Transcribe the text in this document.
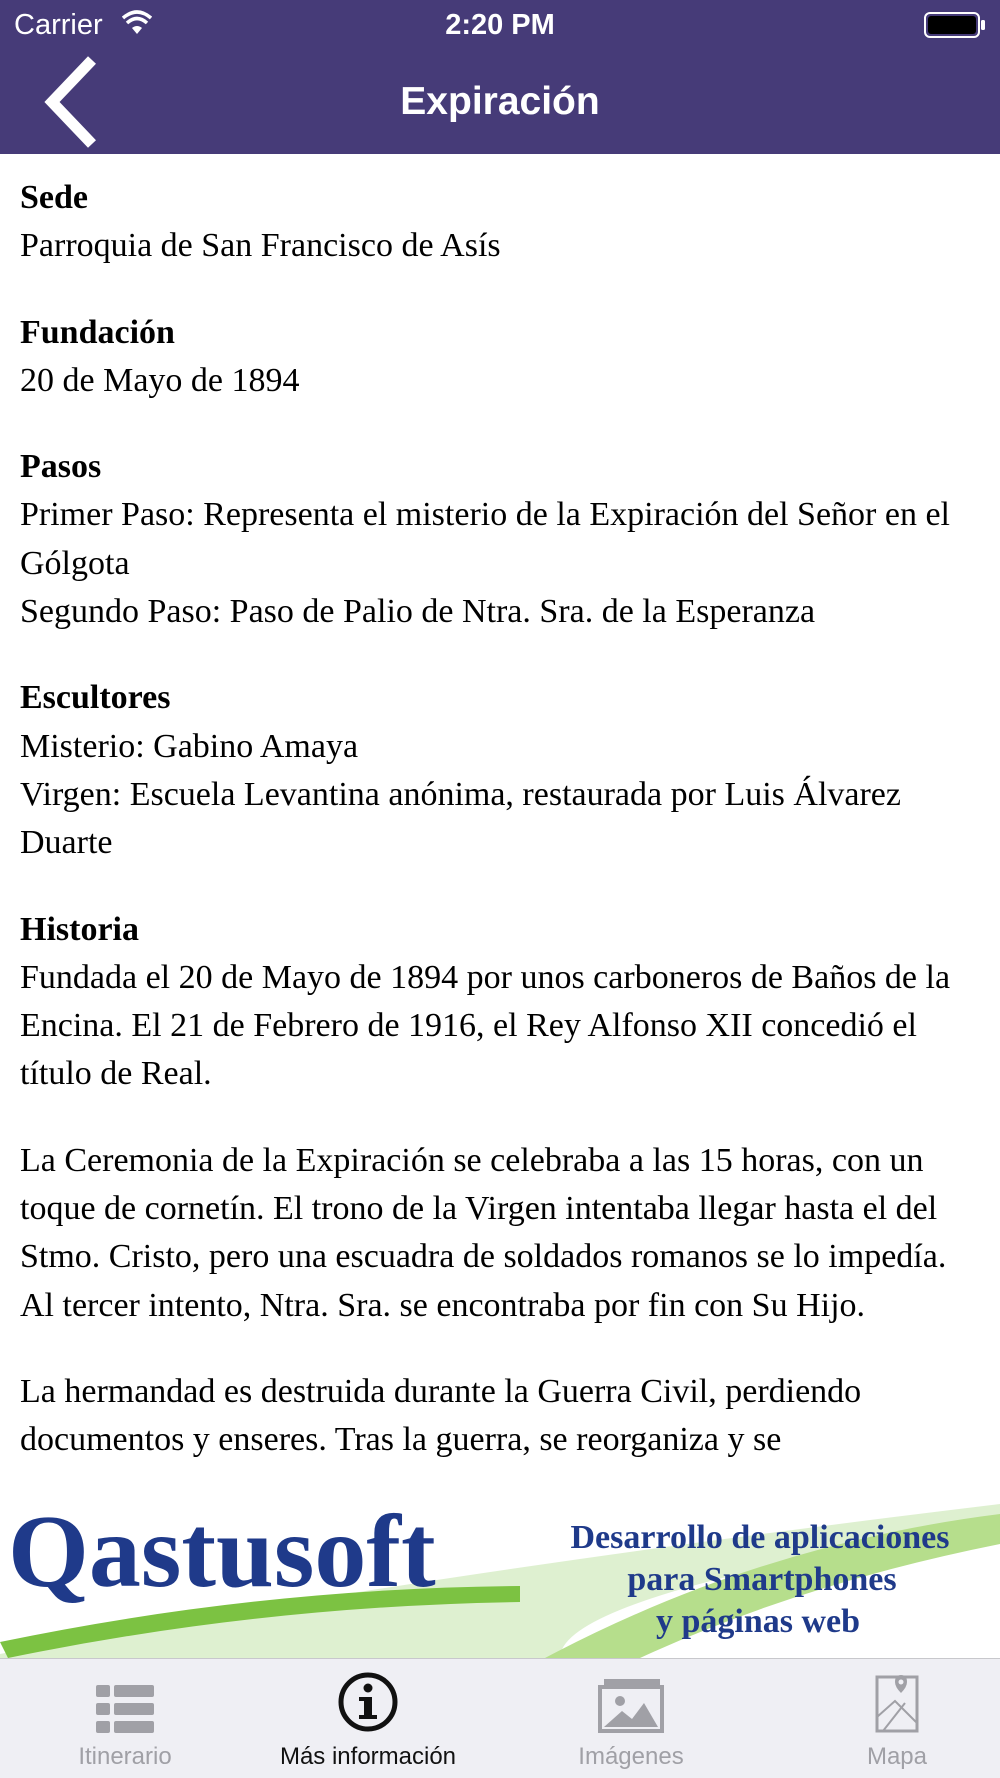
Carrier	2:20 PM
Expiración
Sede

Parroquia de San Francisco de Asís

Fundación

20 de Mayo de 1894

Pasos

Primer Paso: Representa el misterio de la Expiración del Señor en el Gólgota
Segundo Paso: Paso de Palio de Ntra. Sra. de la Esperanza

Escultores

Misterio: Gabino Amaya
Virgen: Escuela Levantina anónima, restaurada por Luis Álvarez Duarte

Historia

Fundada el 20 de Mayo de 1894 por unos carboneros de Baños de la Encina. El 21 de Febrero de 1916, el Rey Alfonso XII concedió el título de Real.

La Ceremonia de la Expiración se celebraba a las 15 horas, con un toque de cornetín. El trono de la Virgen intentaba llegar hasta el del Stmo. Cristo, pero una escuadra de soldados romanos se lo impedía. Al tercer intento, Ntra. Sra. se encontraba por fin con Su Hijo.

La hermandad es destruida durante la Guerra Civil, perdiendo documentos y enseres. Tras la guerra, se reorganiza y se

Qastusoft	Desarrollo de aplicaciones
para Smartphones
y páginas web
Itinerario	Más información	Imágenes	Mapa
